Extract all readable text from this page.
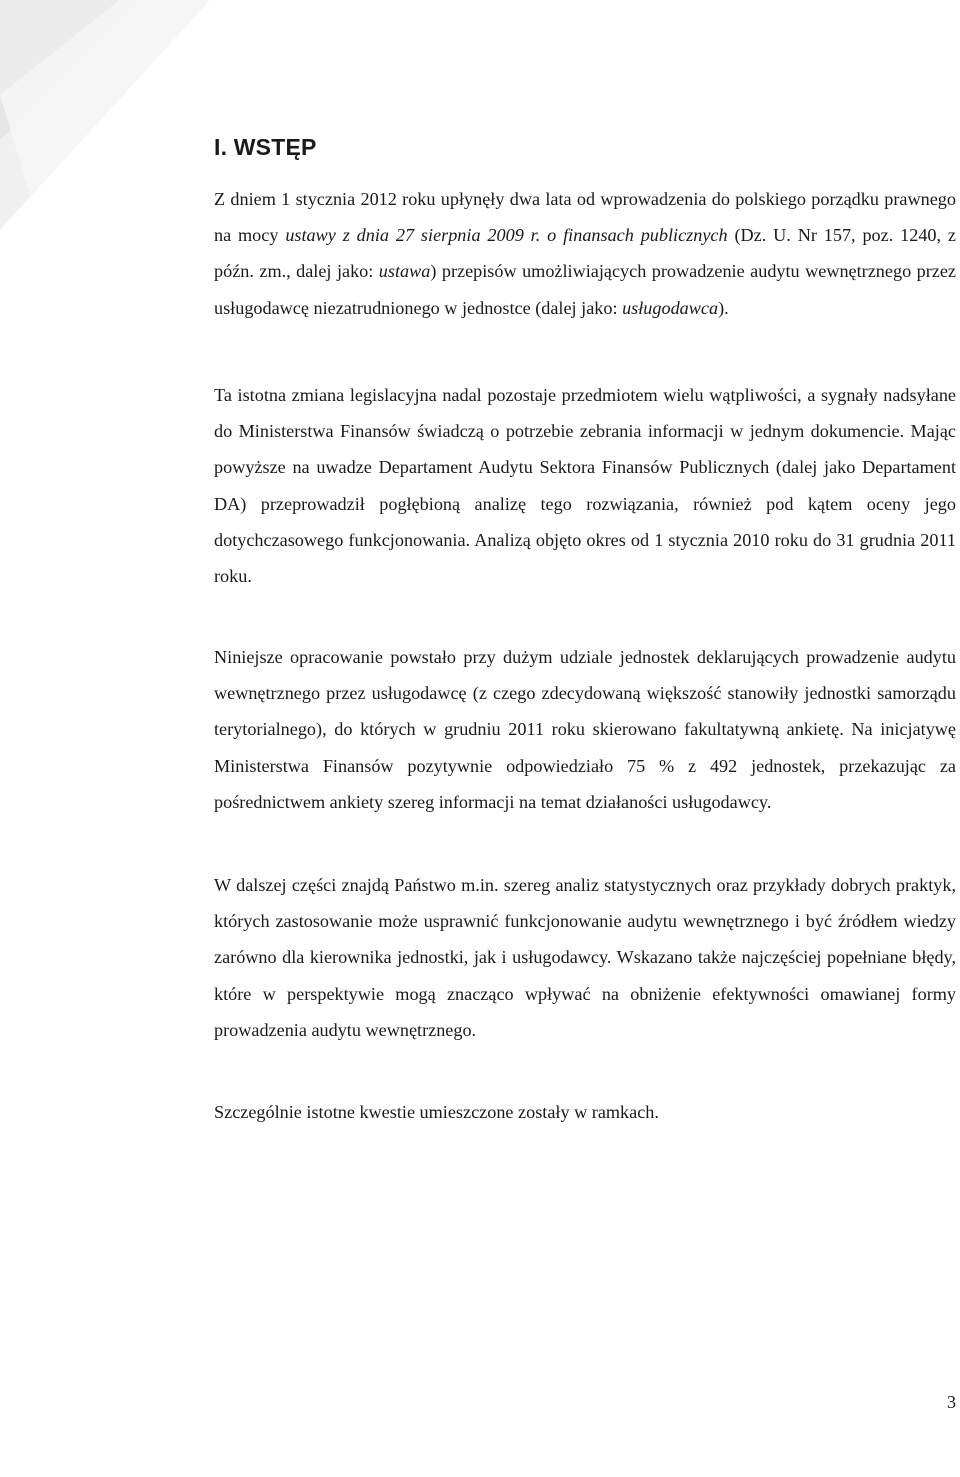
I. WSTĘP

Z dniem 1 stycznia 2012 roku upłynęły dwa lata od wprowadzenia do polskiego porządku prawnego na mocy ustawy z dnia 27 sierpnia 2009 r. o finansach publicznych (Dz. U. Nr 157, poz. 1240, z późn. zm., dalej jako: ustawa) przepisów umożliwiających prowadzenie audytu wewnętrznego przez usługodawcę niezatrudnionego w jednostce (dalej jako: usługodawca).

Ta istotna zmiana legislacyjna nadal pozostaje przedmiotem wielu wątpliwości, a sygnały nadsyłane do Ministerstwa Finansów świadczą o potrzebie zebrania informacji w jednym dokumencie. Mając powyższe na uwadze Departament Audytu Sektora Finansów Publicznych (dalej jako Departament DA) przeprowadził pogłębioną analizę tego rozwiązania, również pod kątem oceny jego dotychczasowego funkcjonowania. Analizą objęto okres od 1 stycznia 2010 roku do 31 grudnia 2011 roku.

Niniejsze opracowanie powstało przy dużym udziale jednostek deklarujących prowadzenie audytu wewnętrznego przez usługodawcę (z czego zdecydowaną większość stanowiły jednostki samorządu terytorialnego), do których w grudniu 2011 roku skierowano fakultatywną ankietę. Na inicjatywę Ministerstwa Finansów pozytywnie odpowiedziało 75 % z 492 jednostek, przekazując za pośrednictwem ankiety szereg informacji na temat działaności usługodawcy.

W dalszej części znajdą Państwo m.in. szereg analiz statystycznych oraz przykłady dobrych praktyk, których zastosowanie może usprawnić funkcjonowanie audytu wewnętrznego i być źródłem wiedzy zarówno dla kierownika jednostki, jak i usługodawcy. Wskazano także najczęściej popełniane błędy, które w perspektywie mogą znacząco wpływać na obniżenie efektywności omawianej formy prowadzenia audytu wewnętrznego.

Szczególnie istotne kwestie umieszczone zostały w ramkach.

3
